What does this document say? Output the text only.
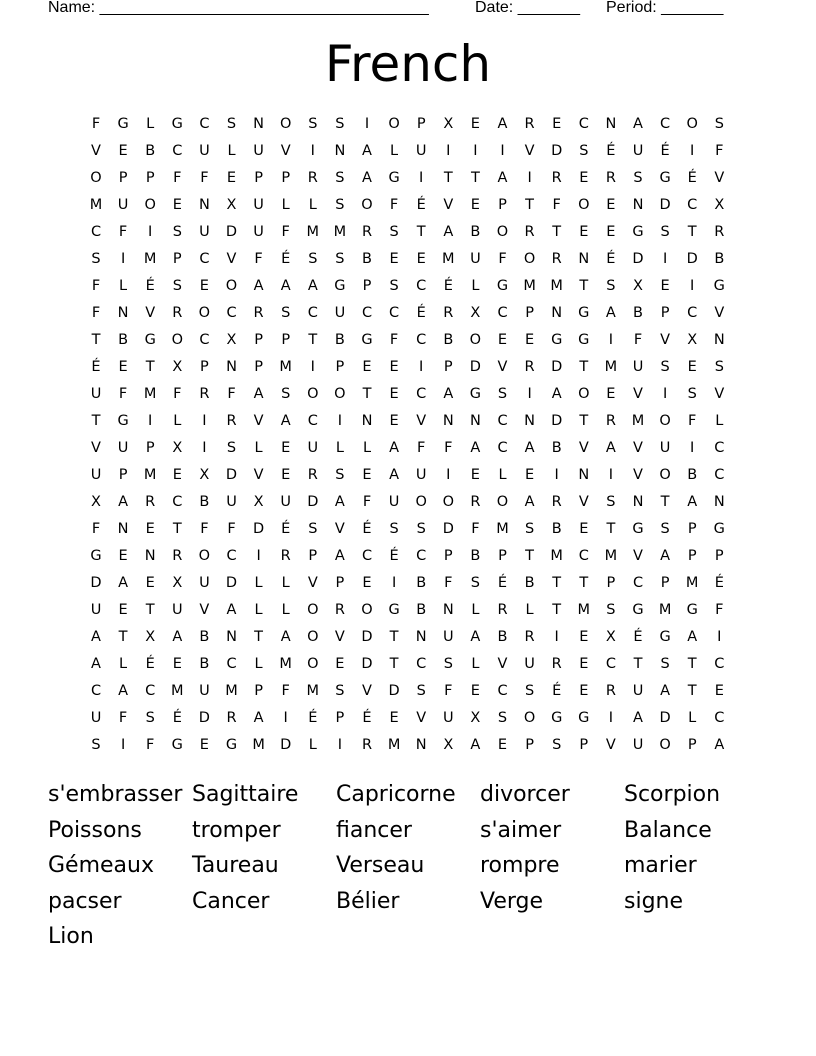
Name: _____________________________________	Date: _______ Period: _______
French
F	G	L	G	C	S	N	O	S	S	I	O	P	X	E	A	R	E	C	N	A	C	O	S
V	E	B	C	U	L	U	V	I	N	A	L	U	I	I	I	V	D	S	É	U	É	I	F
O	P	P	F	F	E	P	P	R	S	A	G	I	T	T	A	I	R	E	R	S	G	É	V
M	U	O	E	N	X	U	L	L	S	O	F	É	V	E	P	T	F	O	E	N	D	C	X
C	F	I	S	U	D	U	F	M	M	R	S	T	A	B	O	R	T	E	E	G	S	T	R
S	I	M	P	C	V	F	É	S	S	B	E	E	M	U	F	O	R	N	É	D	I	D	B
F	L	É	S	E	O	A	A	A	G	P	S	C	É	L	G	M	M	T	S	X	E	I	G
F	N	V	R	O	C	R	S	C	U	C	C	É	R	X	C	P	N	G	A	B	P	C	V
T	B	G	O	C	X	P	P	T	B	G	F	C	B	O	E	E	G	G	I	F	V	X	N
É	E	T	X	P	N	P	M	I	P	E	E	I	P	D	V	R	D	T	M	U	S	E	S
U	F	M	F	R	F	A	S	O	O	T	E	C	A	G	S	I	A	O	E	V	I	S	V
T	G	I	L	I	R	V	A	C	I	N	E	V	N	N	C	N	D	T	R	M	O	F	L
V	U	P	X	I	S	L	E	U	L	L	A	F	F	A	C	A	B	V	A	V	U	I	C
U	P	M	E	X	D	V	E	R	S	E	A	U	I	E	L	E	I	N	I	V	O	B	C
X	A	R	C	B	U	X	U	D	A	F	U	O	O	R	O	A	R	V	S	N	T	A	N
F	N	E	T	F	F	D	É	S	V	É	S	S	D	F	M	S	B	E	T	G	S	P	G
G	E	N	R	O	C	I	R	P	A	C	É	C	P	B	P	T	M	C	M	V	A	P	P
D	A	E	X	U	D	L	L	V	P	E	I	B	F	S	É	B	T	T	P	C	P	M	É
U	E	T	U	V	A	L	L	O	R	O	G	B	N	L	R	L	T	M	S	G	M	G	F
A	T	X	A	B	N	T	A	O	V	D	T	N	U	A	B	R	I	E	X	É	G	A	I
A	L	É	E	B	C	L	M	O	E	D	T	C	S	L	V	U	R	E	C	T	S	T	C
C	A	C	M	U	M	P	F	M	S	V	D	S	F	E	C	S	É	E	R	U	A	T	E
U	F	S	É	D	R	A	I	É	P	É	E	V	U	X	S	O	G	G	I	A	D	L	C
S	I	F	G	E	G	M	D	L	I	R	M	N	X	A	E	P	S	P	V	U	O	P	A
s'embrasser Sagittaire Capricorne divorcer Scorpion
Poissons tromper	fiancer	s'aimer	Balance
Gémeaux Taureau	Verseau	rompre	marier
pacser	Cancer	Bélier	Verge	signe
Lion
